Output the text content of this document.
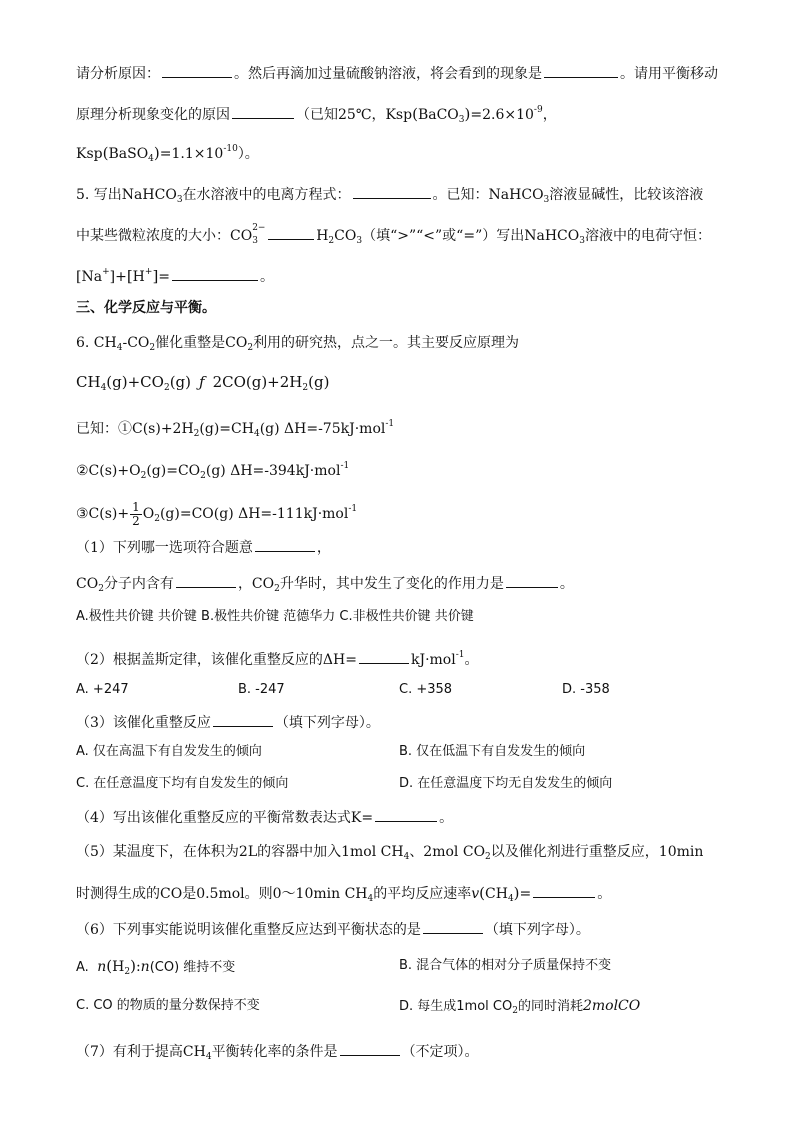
请分析原因：	。然后再滴加过量硫酸钠溶液，将会看到的现象是	。请用平衡移动
原理分析现象变化的原因	（已知25℃，$Ksp(BaCO_3)=2.6\times 10^{-9}$，
$Ksp(BaSO_4)=1.1\times 10^{-10}$）。
5. 写出NaHCO$_3$在水溶液中的电离方程式：	。已知：NaHCO$_3$溶液显碱性，比较该溶液
中某些微粒浓度的大小：CO 3
2−	$H_2CO_3$（填“>”“<”或“=”）写出NaHCO$_3$溶液中的电荷守恒：
[Na+]+[H+]=	。
三、化学反应与平衡。
6. $CH_4-CO_2$催化重整是$CO_2$利用的研究热，点之一。其主要反应原理为
$CH_4(g)+CO_2(g)$ ƒ $2CO(g)+2H_2(g)$
已知：$①C(s)+2H_2(g)=CH_4(g)$ ΔH=-75kJ·mol$^{-1}$
$②C(s)+O_2(g)=CO_2(g)$ ΔH=-394kJ·mol$^{-1}$
③C(s)+ $\frac{1}{2} O_2(g)=CO(g)$ ΔH=-111kJ·mol$^{-1}$
（1）下列哪一选项符合题意	，
$CO_2$分子内含有	，$CO_2$升华时，其中发生了变化的作用力是	。
A.极性共价键 共价键 B.极性共价键 范德华力 C.非极性共价键 共价键
（2）根据盖斯定律，该催化重整反应的ΔH=	kJ·mol$^{-1}$。
A. +247	B. -247	C. +358	D. -358
（3）该催化重整反应	（填下列字母）。
A. 仅在高温下有自发发生的倾向	B. 仅在低温下有自发发生的倾向
C. 在任意温度下均有自发发生的倾向	D. 在任意温度下均无自发发生的倾向
（4）写出该催化重整反应的平衡常数表达式K=	。
（5）某温度下，在体积为2L的容器中加入1mol $CH_4$、2mol $CO_2$以及催化剂进行重整反应，10min
时测得生成的CO是0.5mol。则0～10min $CH_4$的平均反应速率$v(CH_4)=$	。
（6）下列事实能说明该催化重整反应达到平衡状态的是	（填下列字母）。
A. $n(H_2):n(CO)$ 维持不变	B. 混合气体的相对分子质量保持不变
C. CO 的物质的量分数保持不变	D. 每生成1mol $CO_2$的同时消耗2molCO
（7）有利于提高$CH_4$平衡转化率的条件是	（不定项）。
